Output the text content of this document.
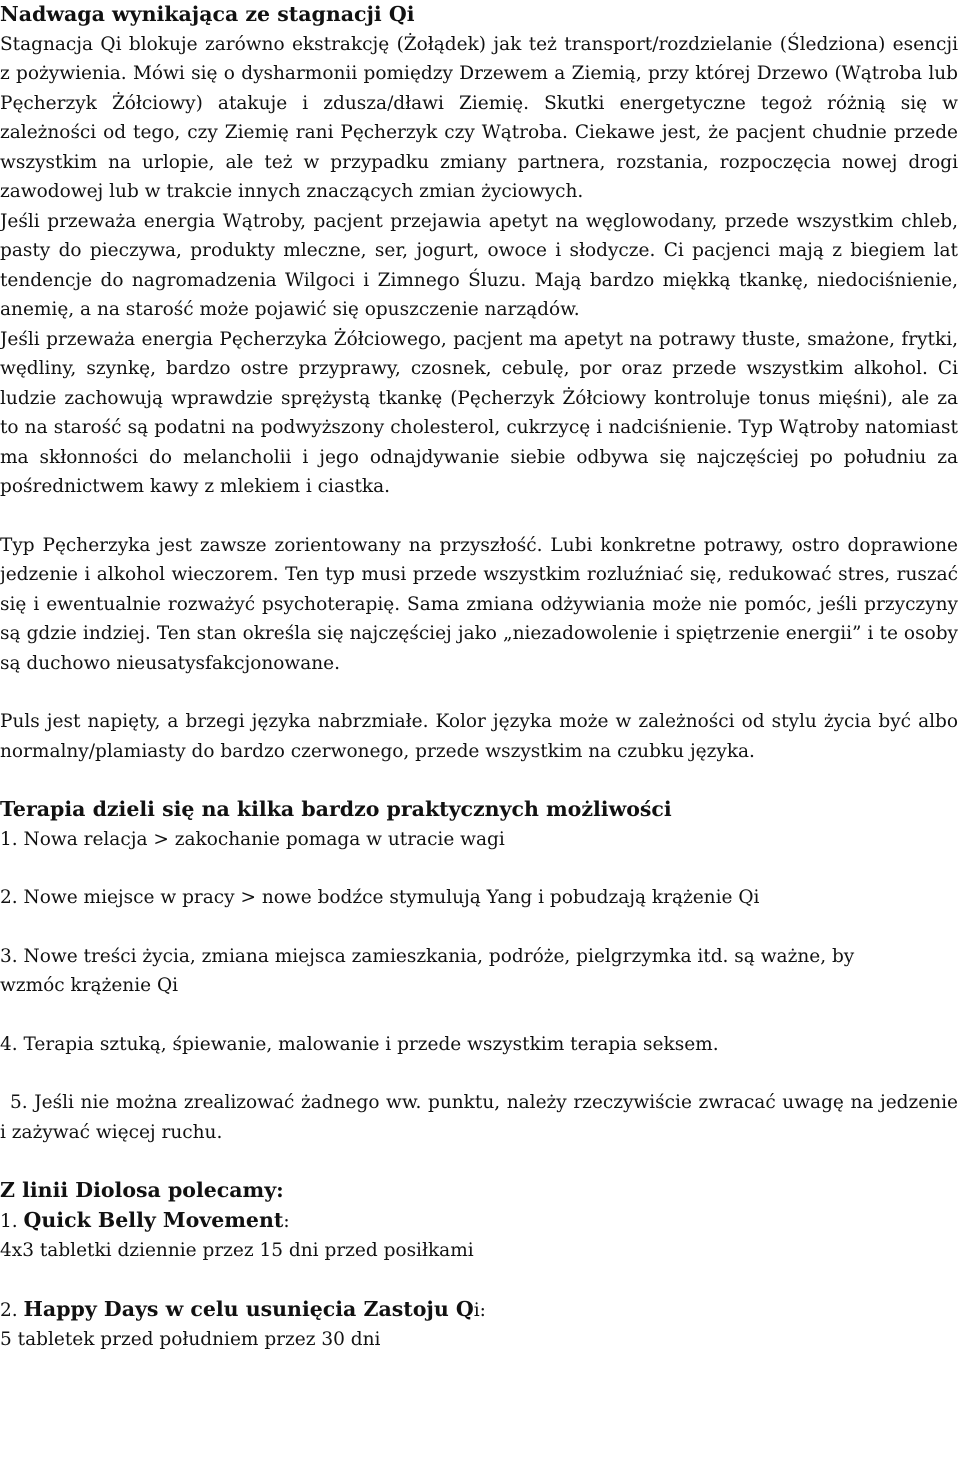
Nadwaga wynikająca ze stagnacji Qi

Stagnacja Qi blokuje zarówno ekstrakcję (Żołądek) jak też transport/rozdzielanie (Śledziona) esencji z pożywienia. Mówi się o dysharmonii pomiędzy Drzewem a Ziemią, przy której Drzewo (Wątroba lub Pęcherzyk Żółciowy) atakuje i zdusza/dławi Ziemię. Skutki energetyczne tegoż różnią się w zależności od tego, czy Ziemię rani Pęcherzyk czy Wątroba. Ciekawe jest, że pacjent chudnie przede wszystkim na urlopie, ale też w przypadku zmiany partnera, rozstania, rozpoczęcia nowej drogi zawodowej lub w trakcie innych znaczących zmian życiowych.

Jeśli przeważa energia Wątroby, pacjent przejawia apetyt na węglowodany, przede wszystkim chleb, pasty do pieczywa, produkty mleczne, ser, jogurt, owoce i słodycze. Ci pacjenci mają z biegiem lat tendencje do nagromadzenia Wilgoci i Zimnego Śluzu. Mają bardzo miękką tkankę, niedociśnienie, anemię, a na starość może pojawić się opuszczenie narządów.

Jeśli przeważa energia Pęcherzyka Żółciowego, pacjent ma apetyt na potrawy tłuste, smażone, frytki, wędliny, szynkę, bardzo ostre przyprawy, czosnek, cebulę, por oraz przede wszystkim alkohol. Ci ludzie zachowują wprawdzie sprężystą tkankę (Pęcherzyk Żółciowy kontroluje tonus mięśni), ale za to na starość są podatni na podwyższony cholesterol, cukrzycę i nadciśnienie. Typ Wątroby natomiast ma skłonności do melancholii i jego odnajdywanie siebie odbywa się najczęściej po południu za pośrednictwem kawy z mlekiem i ciastka.

Typ Pęcherzyka jest zawsze zorientowany na przyszłość. Lubi konkretne potrawy, ostro doprawione jedzenie i alkohol wieczorem. Ten typ musi przede wszystkim rozluźniać się, redukować stres, ruszać się i ewentualnie rozważyć psychoterapię. Sama zmiana odżywiania może nie pomóc, jeśli przyczyny są gdzie indziej. Ten stan określa się najczęściej jako „niezadowolenie i spiętrzenie energii” i te osoby są duchowo nieusatysfakcjonowane.

Puls jest napięty, a brzegi języka nabrzmiałe. Kolor języka może w zależności od stylu życia być albo normalny/plamiasty do bardzo czerwonego, przede wszystkim na czubku języka.

Terapia dzieli się na kilka bardzo praktycznych możliwości

1. Nowa relacja > zakochanie pomaga w utracie wagi

2. Nowe miejsce w pracy > nowe bodźce stymulują Yang i pobudzają krążenie Qi

3. Nowe treści życia, zmiana miejsca zamieszkania, podróże, pielgrzymka itd. są ważne, by wzmóc krążenie Qi

4. Terapia sztuką, śpiewanie, malowanie i przede wszystkim terapia seksem.

5. Jeśli nie można zrealizować żadnego ww. punktu, należy rzeczywiście zwracać uwagę na jedzenie i zażywać więcej ruchu.

Z linii Diolosa polecamy:

1. Quick Belly Movement:

4x3 tabletki dziennie przez 15 dni przed posiłkami

2. Happy Days w celu usunięcia Zastoju Qi:

5 tabletek przed południem przez 30 dni
